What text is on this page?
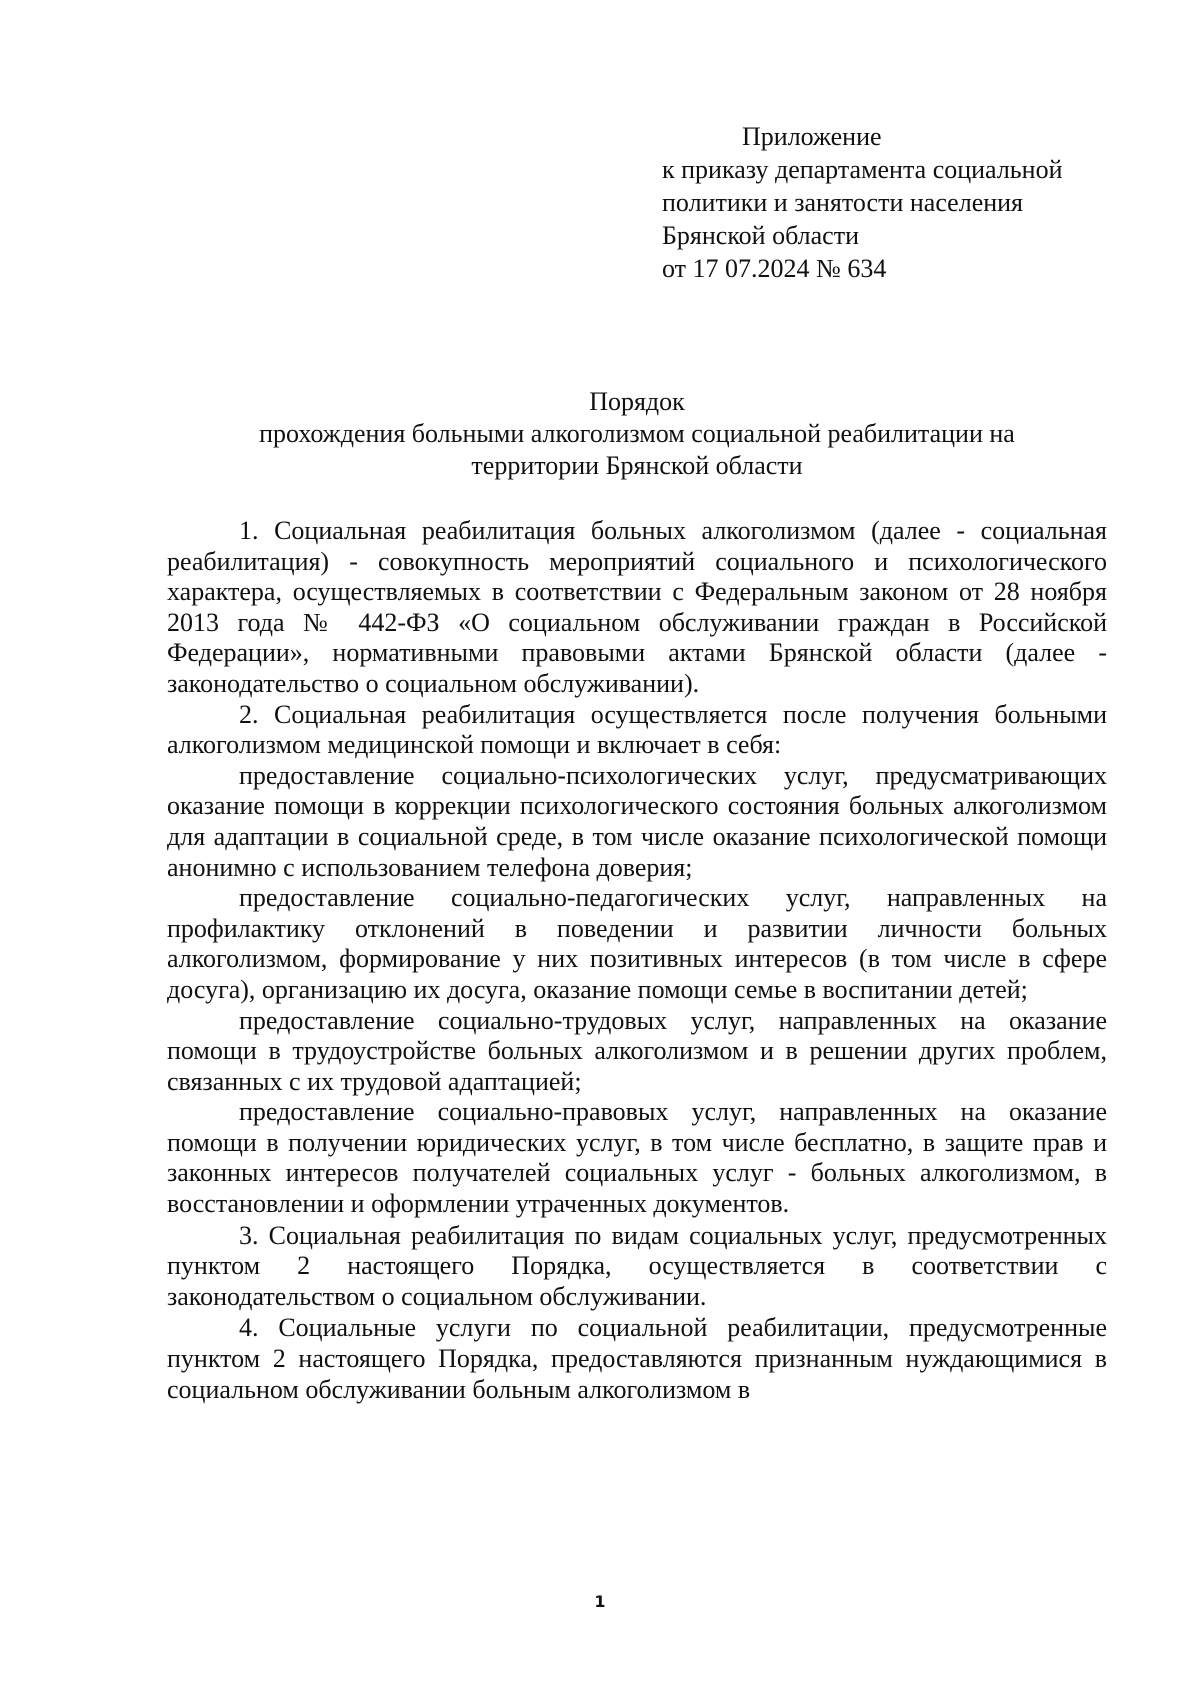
Приложение
к приказу департамента социальной
политики и занятости населения
Брянской области
от 17 07.2024 № 634
Порядок
прохождения больными алкоголизмом социальной реабилитации на
территории Брянской области

1. Социальная реабилитация больных алкоголизмом (далее - социальная реабилитация) - совокупность мероприятий социального и психологического характера, осуществляемых в соответствии с Федеральным законом от 28 ноября 2013 года № 442-ФЗ «О социальном обслуживании граждан в Российской Федерации», нормативными правовыми актами Брянской области (далее - законодательство о социальном обслуживании).

2. Социальная реабилитация осуществляется после получения больными алкоголизмом медицинской помощи и включает в себя:

предоставление социально-психологических услуг, предусматривающих оказание помощи в коррекции психологического состояния больных алкоголизмом для адаптации в социальной среде, в том числе оказание психологической помощи анонимно с использованием телефона доверия;

предоставление социально-педагогических услуг, направленных на профилактику отклонений в поведении и развитии личности больных алкоголизмом, формирование у них позитивных интересов (в том числе в сфере досуга), организацию их досуга, оказание помощи семье в воспитании детей;

предоставление социально-трудовых услуг, направленных на оказание помощи в трудоустройстве больных алкоголизмом и в решении других проблем, связанных с их трудовой адаптацией;

предоставление социально-правовых услуг, направленных на оказание помощи в получении юридических услуг, в том числе бесплатно, в защите прав и законных интересов получателей социальных услуг - больных алкоголизмом, в восстановлении и оформлении утраченных документов.

3. Социальная реабилитация по видам социальных услуг, предусмотренных пунктом 2 настоящего Порядка, осуществляется в соответствии с законодательством о социальном обслуживании.

4. Социальные услуги по социальной реабилитации, предусмотренные пунктом 2 настоящего Порядка, предоставляются признанным нуждающимися в социальном обслуживании больным алкоголизмом в

1
